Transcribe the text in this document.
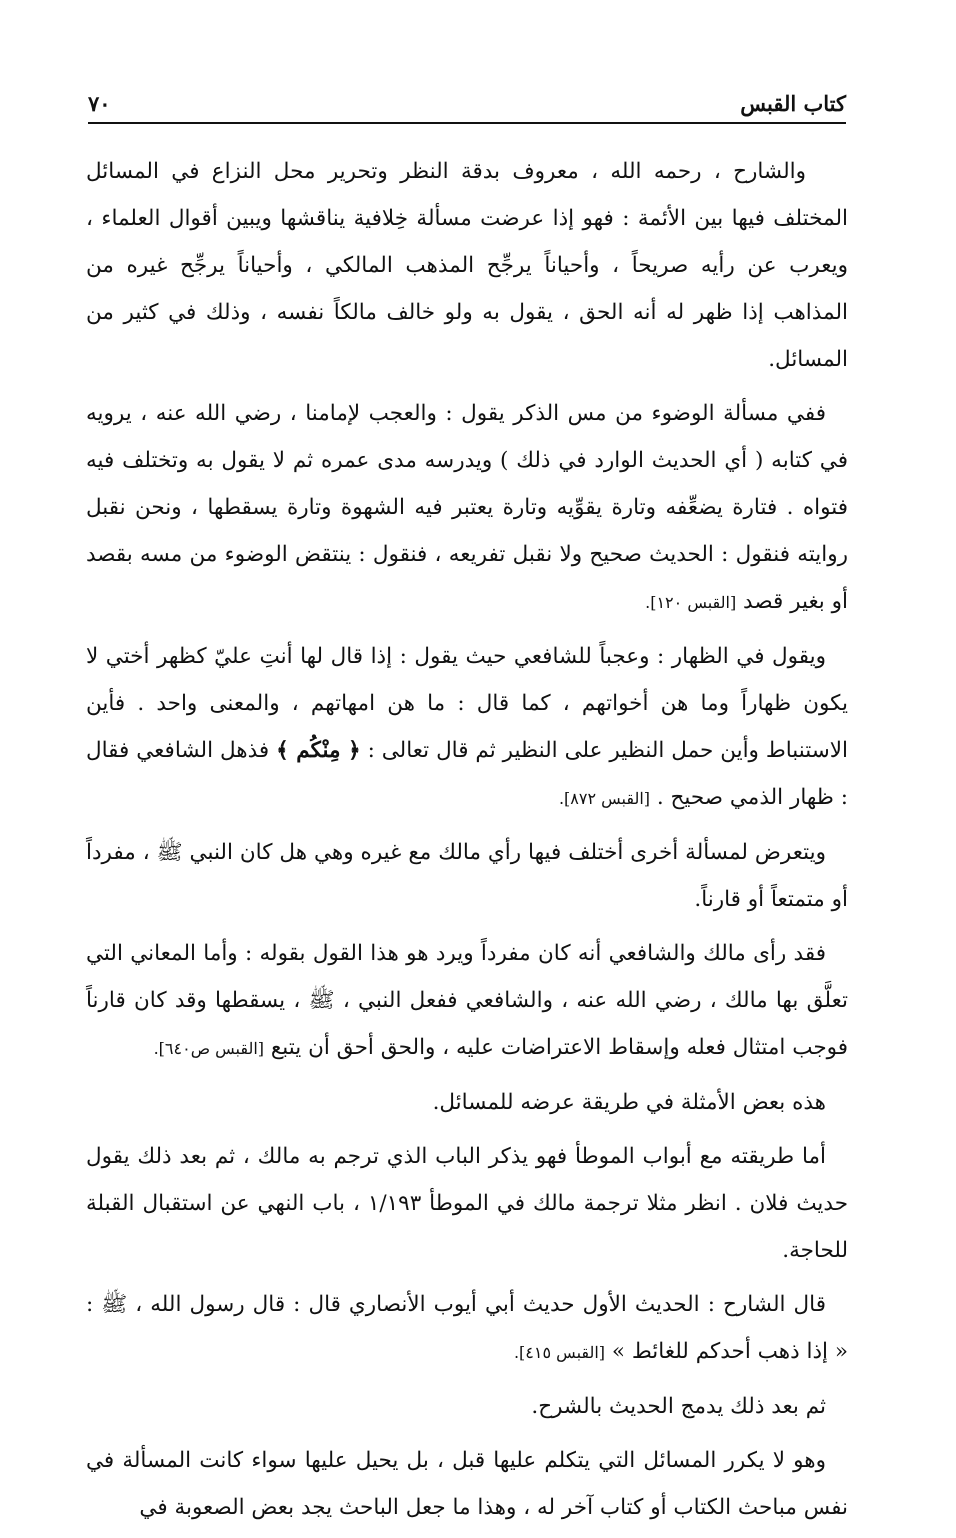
كتاب القبس
٧٠

والشارح ، رحمه الله ، معروف بدقة النظر وتحرير محل النزاع في المسائل المختلف فيها بين الأئمة : فهو إذا عرضت مسألة خِلافية يناقشها ويبين أقوال العلماء ، ويعرب عن رأيه صريحاً ، وأحياناً يرجِّح المذهب المالكي ، وأحياناً يرجِّح غيره من المذاهب إذا ظهر له أنه الحق ، يقول به ولو خالف مالكاً نفسه ، وذلك في كثير من المسائل.

ففي مسألة الوضوء من مس الذكر يقول : والعجب لإمامنا ، رضي الله عنه ، يرويه في كتابه ( أي الحديث الوارد في ذلك ) ويدرسه مدى عمره ثم لا يقول به وتختلف فيه فتواه . فتارة يضعِّفه وتارة يقوِّيه وتارة يعتبر فيه الشهوة وتارة يسقطها ، ونحن نقبل روايته فنقول : الحديث صحيح ولا نقبل تفريعه ، فنقول : ينتقض الوضوء من مسه بقصد أو بغير قصد [القبس ١٢٠].

ويقول في الظهار : وعجباً للشافعي حيث يقول : إذا قال لها أنتِ عليّ كظهر أختي لا يكون ظهاراً وما هن أخواتهم ، كما قال : ما هن امهاتهم ، والمعنى واحد . فأين الاستنباط وأين حمل النظير على النظير ثم قال تعالى : ﴿ مِنْكُم ﴾ فذهل الشافعي فقال : ظهار الذمي صحيح . [القبس ٨٧٢].

ويتعرض لمسألة أخرى أختلف فيها رأي مالك مع غيره وهي هل كان النبي ﷺ ، مفرداً أو متمتعاً أو قارناً.

فقد رأى مالك والشافعي أنه كان مفرداً ويرد هو هذا القول بقوله : وأما المعاني التي تعلَّق بها مالك ، رضي الله عنه ، والشافعي ففعل النبي ، ﷺ ، يسقطها وقد كان قارناً فوجب امتثال فعله وإسقاط الاعتراضات عليه ، والحق أحق أن يتبع [القبس ص٦٤٠].

هذه بعض الأمثلة في طريقة عرضه للمسائل.

أما طريقته مع أبواب الموطأ فهو يذكر الباب الذي ترجم به مالك ، ثم بعد ذلك يقول حديث فلان . انظر مثلا ترجمة مالك في الموطأ ١/١٩٣ ، باب النهي عن استقبال القبلة للحاجة.

قال الشارح : الحديث الأول حديث أبي أيوب الأنصاري قال : قال رسول الله ، ﷺ : « إذا ذهب أحدكم للغائط » [القبس ٤١٥].

ثم بعد ذلك يدمج الحديث بالشرح.

وهو لا يكرر المسائل التي يتكلم عليها قبل ، بل يحيل عليها سواء كانت المسألة في نفس مباحث الكتاب أو كتاب آخر له ، وهذا ما جعل الباحث يجد بعض الصعوبة في
